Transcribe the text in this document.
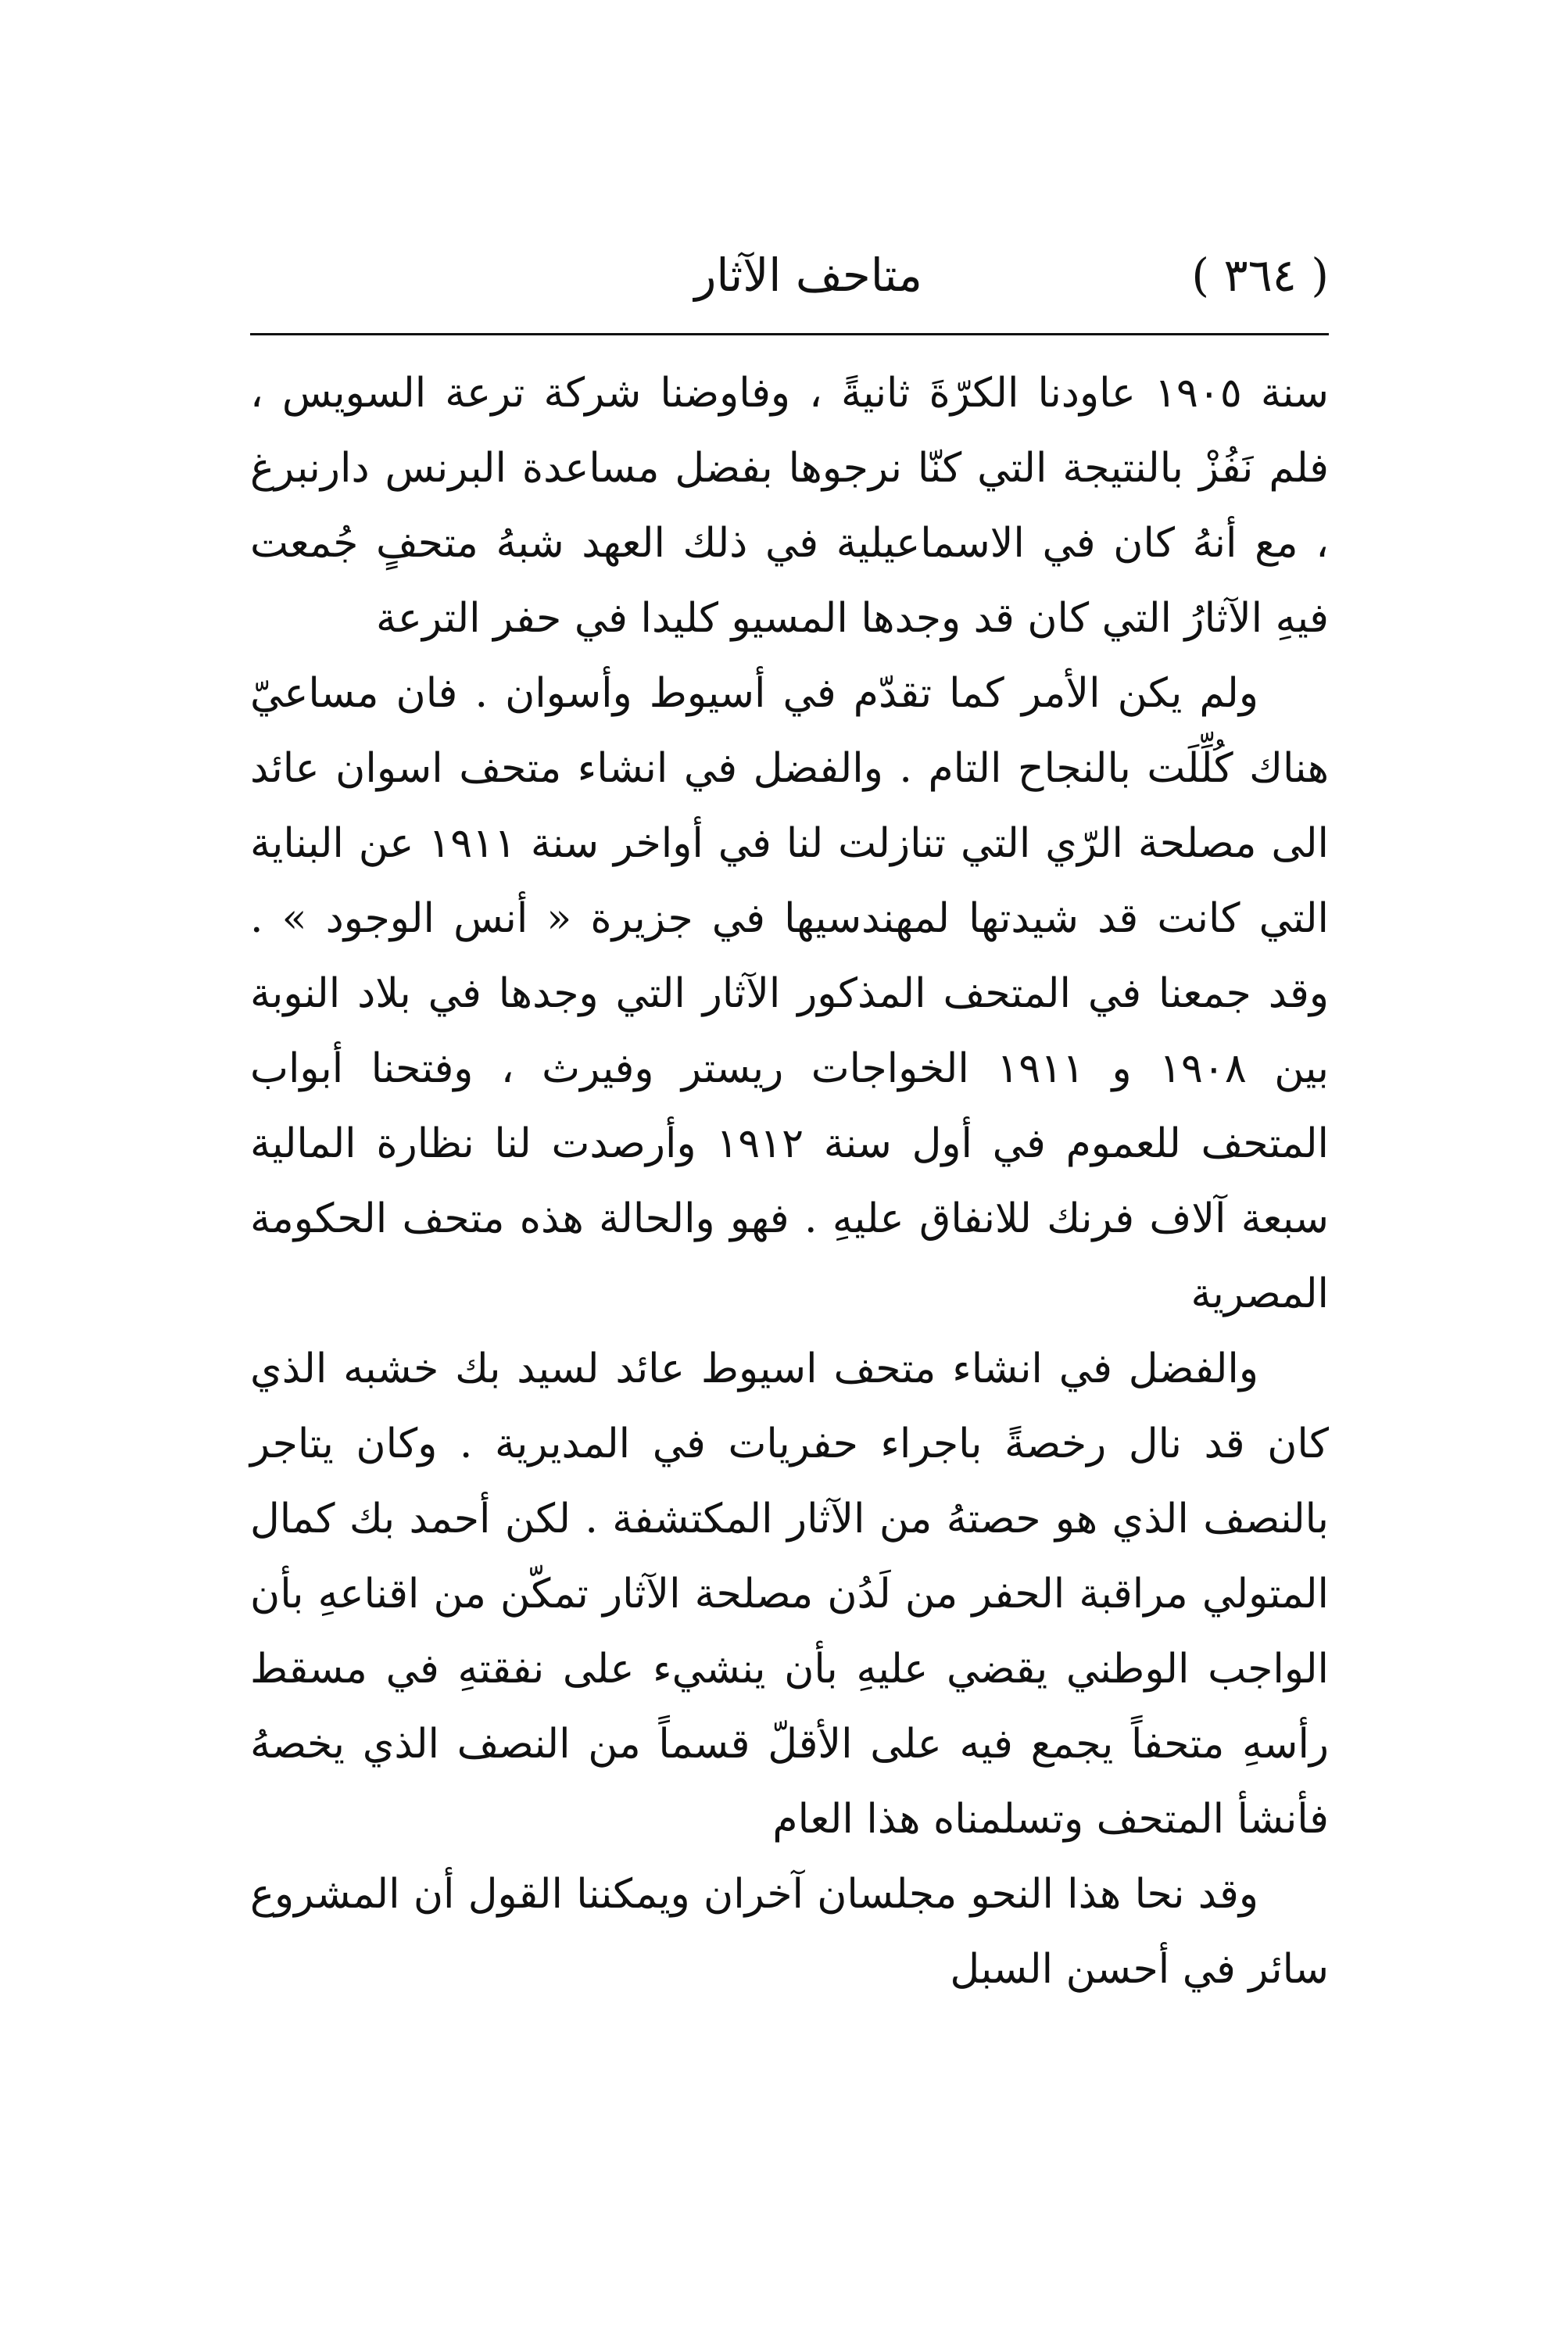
( ٣٦٤ )
متاحف الآثار

سنة ١٩٠٥ عاودنا الكرّةَ ثانيةً ، وفاوضنا شركة ترعة السويس ، فلم نَفُزْ بالنتيجة التي كنّا نرجوها بفضل مساعدة البرنس دارنبرغ ، مع أنهُ كان في الاسماعيلية في ذلك العهد شبهُ متحفٍ جُمعت فيهِ الآثارُ التي كان قد وجدها المسيو كليدا في حفر الترعة

ولم يكن الأمر كما تقدّم في أسيوط وأسوان . فان مساعيّ هناك كُلِّلَت بالنجاح التام . والفضل في انشاء متحف اسوان عائد الى مصلحة الرّي التي تنازلت لنا في أواخر سنة ١٩١١ عن البناية التي كانت قد شيدتها لمهندسيها في جزيرة « أنس الوجود » . وقد جمعنا في المتحف المذكور الآثار التي وجدها في بلاد النوبة بين ١٩٠٨ و ١٩١١ الخواجات ريستر وفيرث ، وفتحنا أبواب المتحف للعموم في أول سنة ١٩١٢ وأرصدت لنا نظارة المالية سبعة آلاف فرنك للانفاق عليهِ . فهو والحالة هذه متحف الحكومة المصرية

والفضل في انشاء متحف اسيوط عائد لسيد بك خشبه الذي كان قد نال رخصةً باجراء حفريات في المديرية . وكان يتاجر بالنصف الذي هو حصتهُ من الآثار المكتشفة . لكن أحمد بك كمال المتولي مراقبة الحفر من لَدُن مصلحة الآثار تمكّن من اقناعهِ بأن الواجب الوطني يقضي عليهِ بأن ينشيء على نفقتهِ في مسقط رأسهِ متحفاً يجمع فيه على الأقلّ قسماً من النصف الذي يخصهُ فأنشأ المتحف وتسلمناه هذا العام

وقد نحا هذا النحو مجلسان آخران ويمكننا القول أن المشروع سائر في أحسن السبل
